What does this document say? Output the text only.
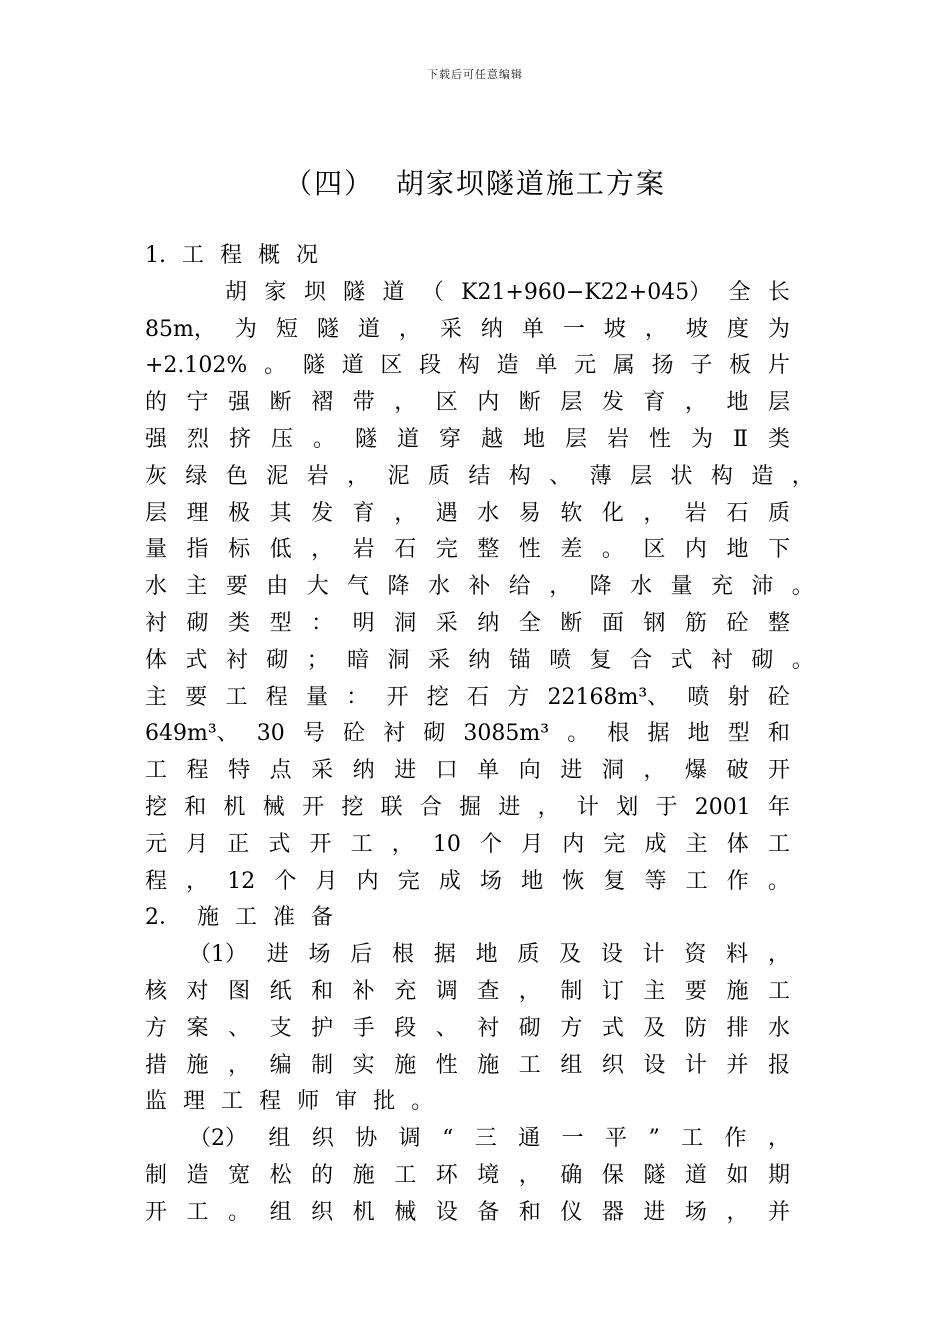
下载后可任意编辑
（四）  胡家坝隧道施工方案
1. 工 程 概 况
胡 家 坝 隧 道 （ K21+960−K22+045） 全 长
85m， 为 短 隧 道 ， 采 纳 单 一 坡 ， 坡 度 为
+2.102% 。 隧 道 区 段 构 造 单 元 属 扬 子 板 片
的 宁 强 断 褶 带 ， 区 内 断 层 发 育 ， 地 层
强 烈 挤 压 。 隧 道 穿 越 地 层 岩 性 为 Ⅱ 类
灰 绿 色 泥 岩 ， 泥 质 结 构 、 薄 层 状 构 造 ，
层 理 极 其 发 育 ， 遇 水 易 软 化 ， 岩 石 质
量 指 标 低 ， 岩 石 完 整 性 差 。 区 内 地 下
水 主 要 由 大 气 降 水 补 给 ， 降 水 量 充 沛 。
衬 砌 类 型 ： 明 洞 采 纳 全 断 面 钢 筋 砼 整
体 式 衬 砌 ； 暗 洞 采 纳 锚 喷 复 合 式 衬 砌 。
主 要 工 程 量 ： 开 挖 石 方 22168m³、 喷 射 砼
649m³、 30 号 砼 衬 砌 3085m³ 。 根 据 地 型 和
工 程 特 点 采 纳 进 口 单 向 进 洞 ， 爆 破 开
挖 和 机 械 开 挖 联 合 掘 进 ， 计 划 于 2001 年
元 月 正 式 开 工 ， 10 个 月 内 完 成 主 体 工
程 ， 12 个 月 内 完 成 场 地 恢 复 等 工 作 。
2． 施 工 准 备
（1） 进 场 后 根 据 地 质 及 设 计 资 料 ，
核 对 图 纸 和 补 充 调 查 ， 制 订 主 要 施 工
方 案 、 支 护 手 段 、 衬 砌 方 式 及 防 排 水
措 施 ， 编 制 实 施 性 施 工 组 织 设 计 并 报
监 理 工 程 师 审 批 。
（2） 组 织 协 调 “ 三 通 一 平 ” 工 作 ，
制 造 宽 松 的 施 工 环 境 ， 确 保 隧 道 如 期
开 工 。 组 织 机 械 设 备 和 仪 器 进 场 ， 并
